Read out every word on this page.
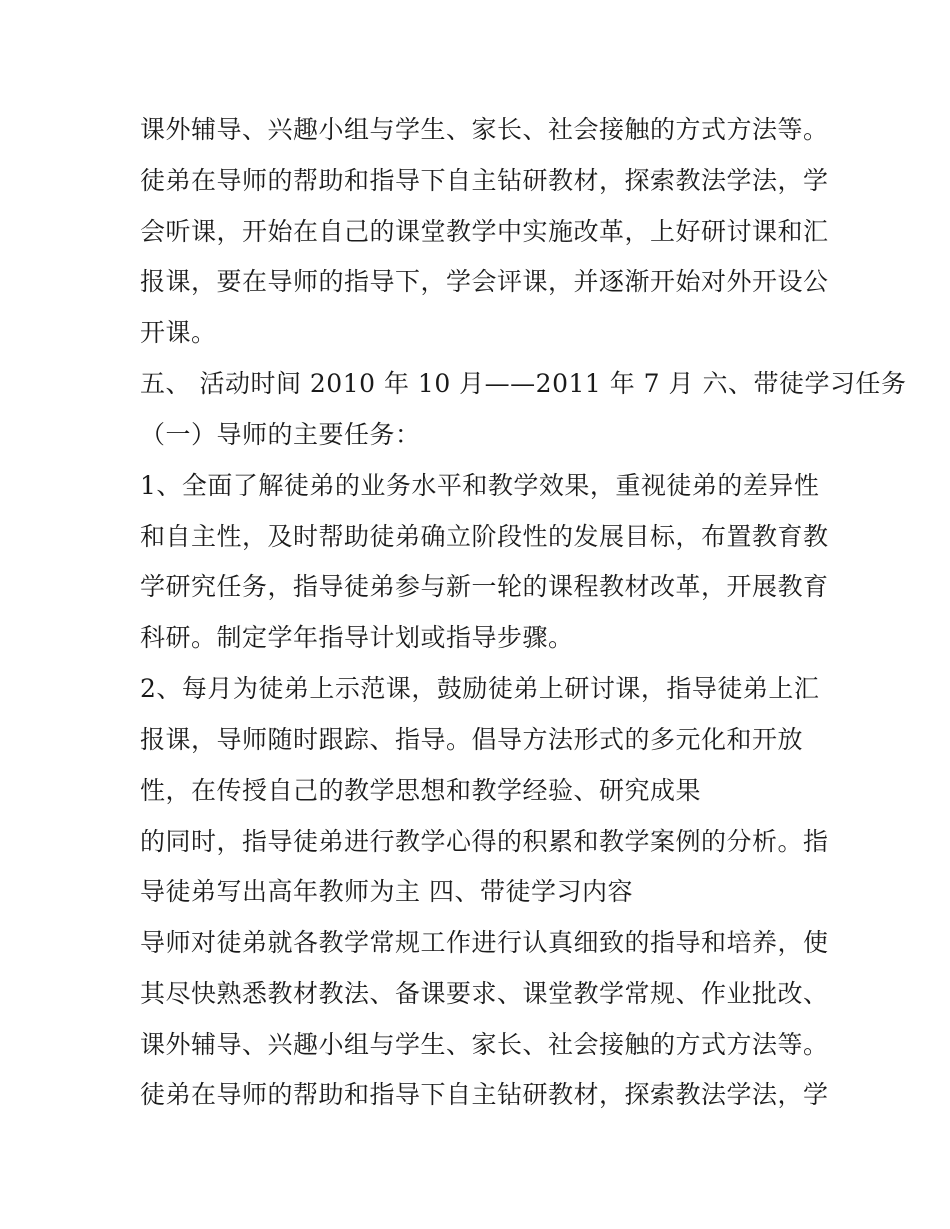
课外辅导、兴趣小组与学生、家长、社会接触的方式方法等。
徒弟在导师的帮助和指导下自主钻研教材，探索教法学法，学
会听课，开始在自己的课堂教学中实施改革，上好研讨课和汇
报课，要在导师的指导下，学会评课，并逐渐开始对外开设公
开课。
五、 活动时间 2010 年 10 月——2011 年 7 月 六、带徒学习任务
（一）导师的主要任务：
1、全面了解徒弟的业务水平和教学效果，重视徒弟的差异性
和自主性，及时帮助徒弟确立阶段性的发展目标，布置教育教
学研究任务，指导徒弟参与新一轮的课程教材改革，开展教育
科研。制定学年指导计划或指导步骤。
2、每月为徒弟上示范课，鼓励徒弟上研讨课，指导徒弟上汇
报课，导师随时跟踪、指导。倡导方法形式的多元化和开放
性，在传授自己的教学思想和教学经验、研究成果
的同时，指导徒弟进行教学心得的积累和教学案例的分析。指
导徒弟写出高年教师为主 四、带徒学习内容
导师对徒弟就各教学常规工作进行认真细致的指导和培养，使
其尽快熟悉教材教法、备课要求、课堂教学常规、作业批改、
课外辅导、兴趣小组与学生、家长、社会接触的方式方法等。
徒弟在导师的帮助和指导下自主钻研教材，探索教法学法，学
